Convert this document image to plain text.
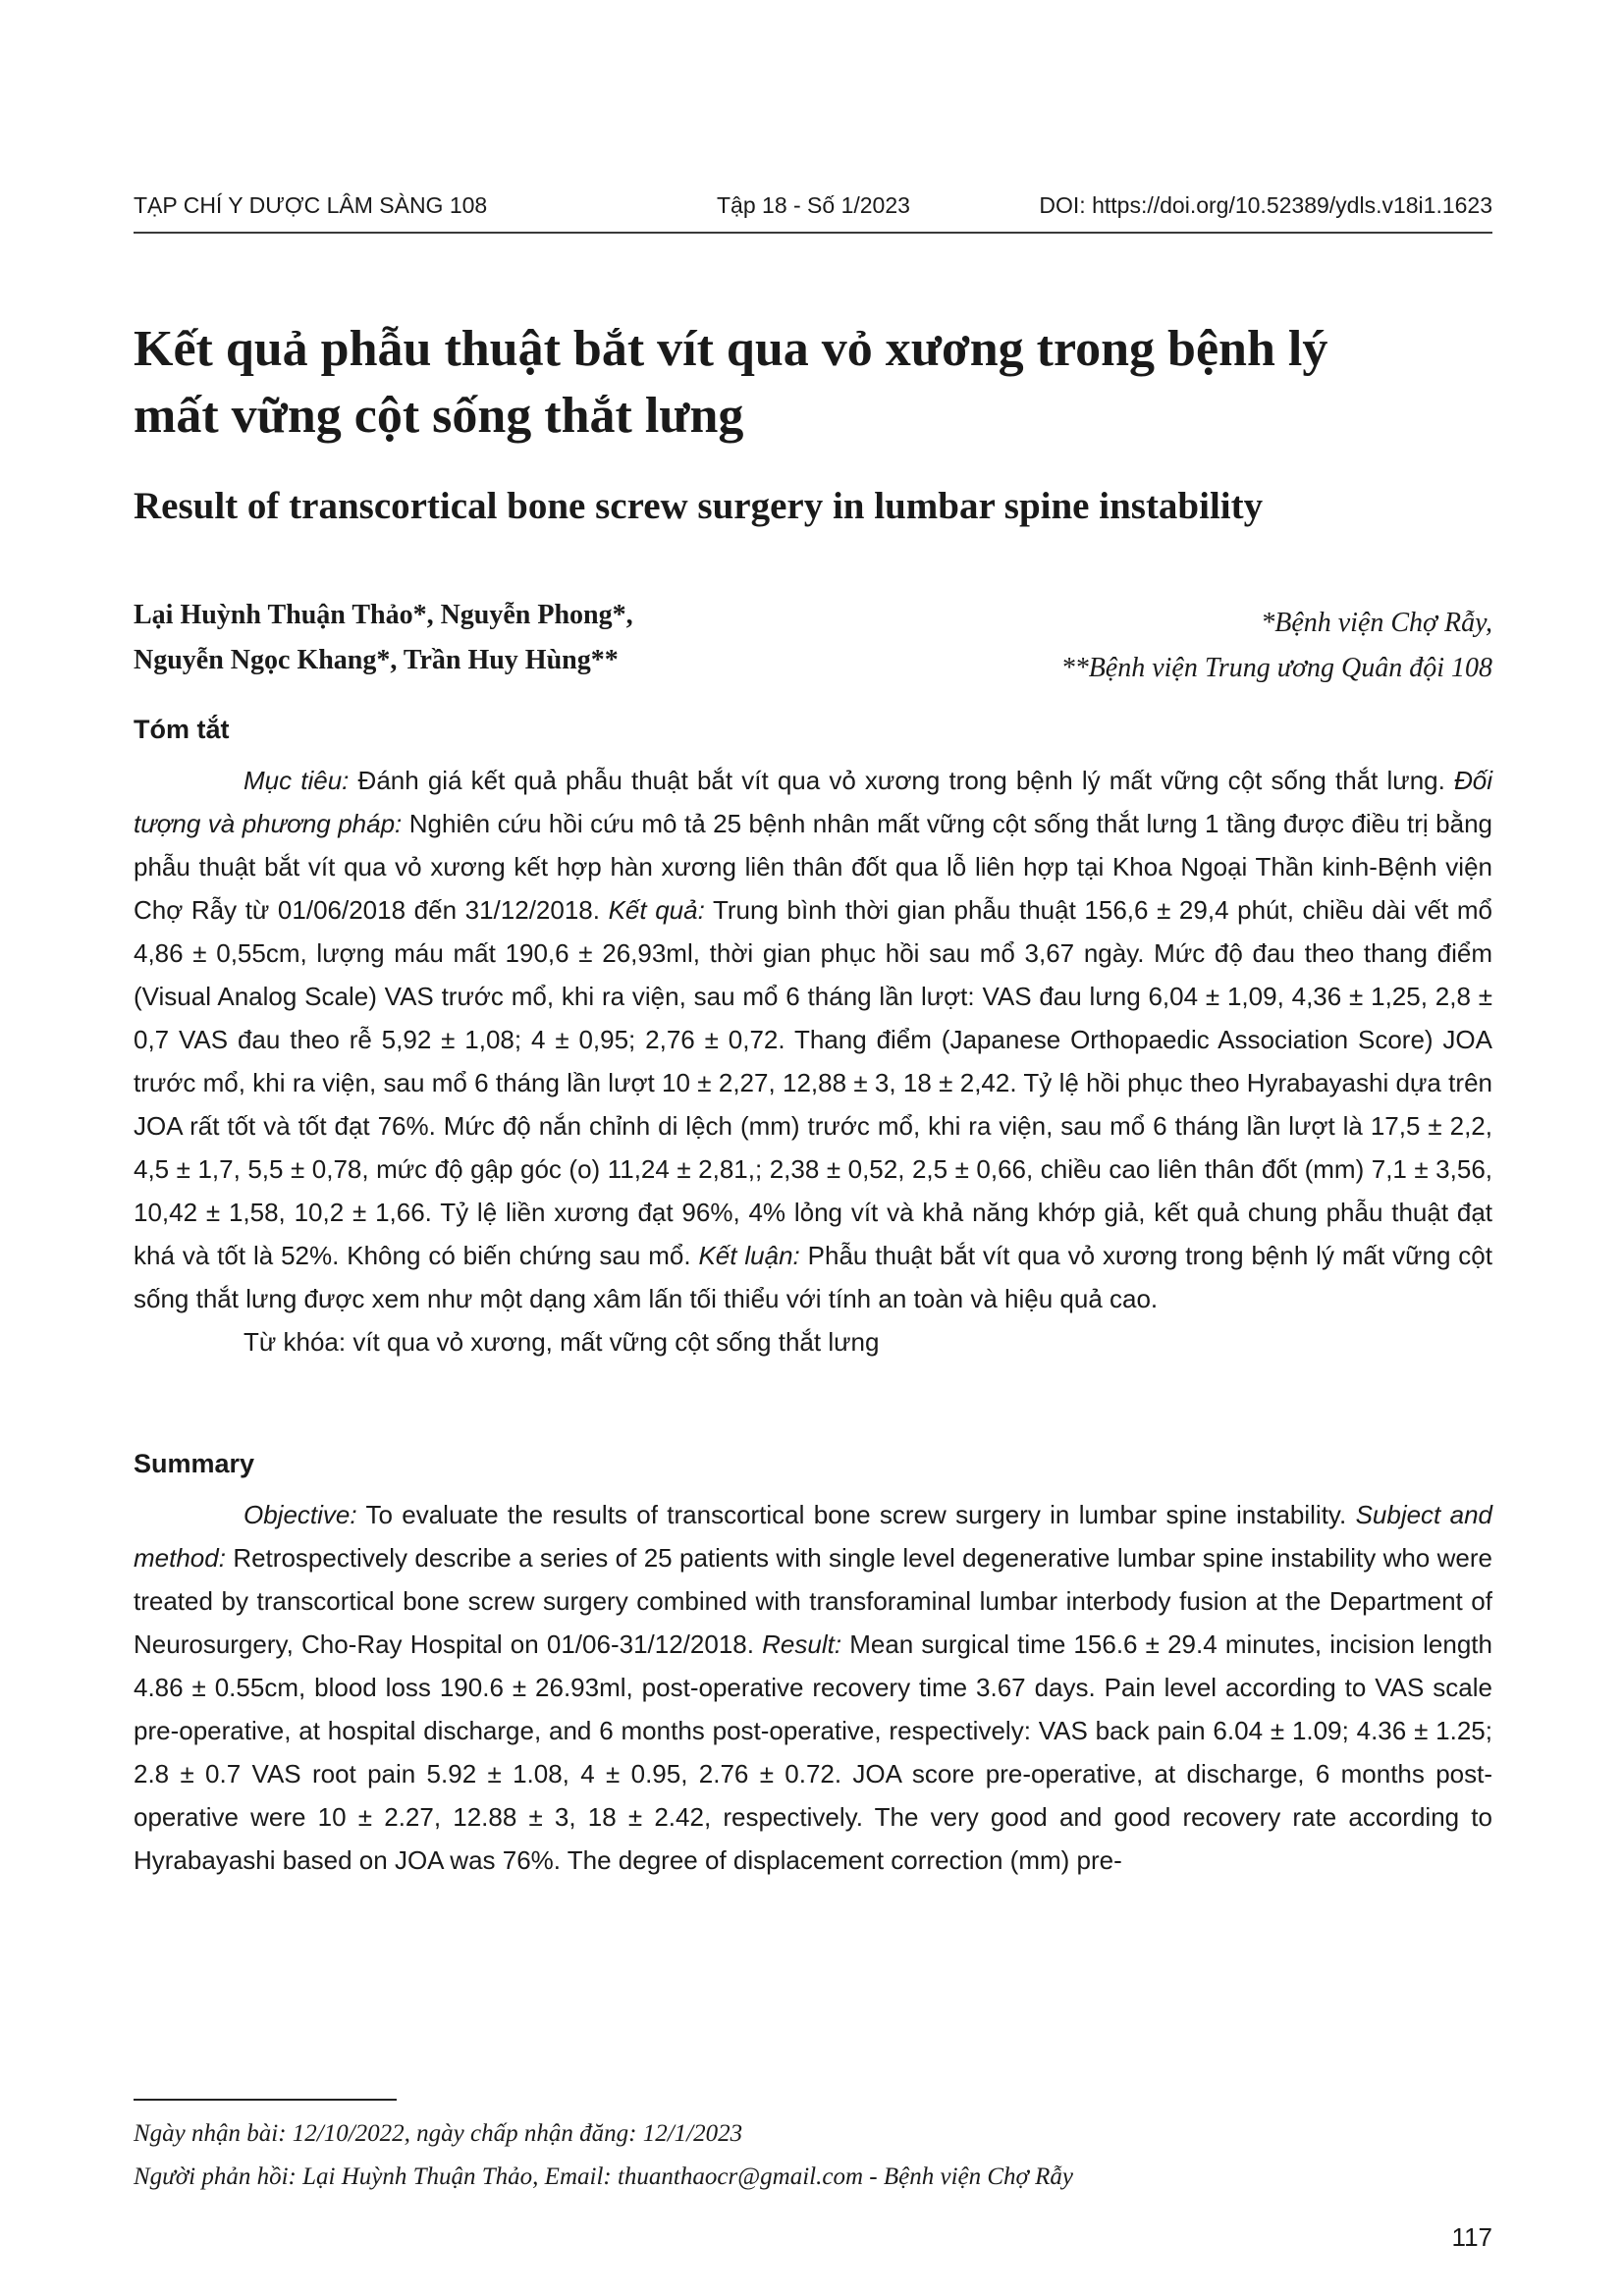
TẠP CHÍ Y DƯỢC LÂM SÀNG 108	Tập 18 - Số 1/2023	DOI: https://doi.org/10.52389/ydls.v18i1.1623
Kết quả phẫu thuật bắt vít qua vỏ xương trong bệnh lý
mất vững cột sống thắt lưng
Result of transcortical bone screw surgery in lumbar spine instability
Lại Huỳnh Thuận Thảo*, Nguyễn Phong*,
Nguyễn Ngọc Khang*, Trần Huy Hùng**
*Bệnh viện Chợ Rẫy,
**Bệnh viện Trung ương Quân đội 108
Tóm tắt

Mục tiêu: Đánh giá kết quả phẫu thuật bắt vít qua vỏ xương trong bệnh lý mất vững cột sống thắt lưng. Đối tượng và phương pháp: Nghiên cứu hồi cứu mô tả 25 bệnh nhân mất vững cột sống thắt lưng 1 tầng được điều trị bằng phẫu thuật bắt vít qua vỏ xương kết hợp hàn xương liên thân đốt qua lỗ liên hợp tại Khoa Ngoại Thần kinh-Bệnh viện Chợ Rẫy từ 01/06/2018 đến 31/12/2018. Kết quả: Trung bình thời gian phẫu thuật 156,6 ± 29,4 phút, chiều dài vết mổ 4,86 ± 0,55cm, lượng máu mất 190,6 ± 26,93ml, thời gian phục hồi sau mổ 3,67 ngày. Mức độ đau theo thang điểm (Visual Analog Scale) VAS trước mổ, khi ra viện, sau mổ 6 tháng lần lượt: VAS đau lưng 6,04 ± 1,09, 4,36 ± 1,25, 2,8 ± 0,7 VAS đau theo rễ 5,92 ± 1,08; 4 ± 0,95; 2,76 ± 0,72. Thang điểm (Japanese Orthopaedic Association Score) JOA trước mổ, khi ra viện, sau mổ 6 tháng lần lượt 10 ± 2,27, 12,88 ± 3, 18 ± 2,42. Tỷ lệ hồi phục theo Hyrabayashi dựa trên JOA rất tốt và tốt đạt 76%. Mức độ nắn chỉnh di lệch (mm) trước mổ, khi ra viện, sau mổ 6 tháng lần lượt là 17,5 ± 2,2, 4,5 ± 1,7, 5,5 ± 0,78, mức độ gập góc (o) 11,24 ± 2,81,; 2,38 ± 0,52, 2,5 ± 0,66, chiều cao liên thân đốt (mm) 7,1 ± 3,56, 10,42 ± 1,58, 10,2 ± 1,66. Tỷ lệ liền xương đạt 96%, 4% lỏng vít và khả năng khớp giả, kết quả chung phẫu thuật đạt khá và tốt là 52%. Không có biến chứng sau mổ. Kết luận: Phẫu thuật bắt vít qua vỏ xương trong bệnh lý mất vững cột sống thắt lưng được xem như một dạng xâm lấn tối thiểu với tính an toàn và hiệu quả cao.

Từ khóa: vít qua vỏ xương, mất vững cột sống thắt lưng

Summary

Objective: To evaluate the results of transcortical bone screw surgery in lumbar spine instability. Subject and method: Retrospectively describe a series of 25 patients with single level degenerative lumbar spine instability who were treated by transcortical bone screw surgery combined with transforaminal lumbar interbody fusion at the Department of Neurosurgery, Cho-Ray Hospital on 01/06-31/12/2018. Result: Mean surgical time 156.6 ± 29.4 minutes, incision length 4.86 ± 0.55cm, blood loss 190.6 ± 26.93ml, post-operative recovery time 3.67 days. Pain level according to VAS scale pre-operative, at hospital discharge, and 6 months post-operative, respectively: VAS back pain 6.04 ± 1.09; 4.36 ± 1.25; 2.8 ± 0.7 VAS root pain 5.92 ± 1.08, 4 ± 0.95, 2.76 ± 0.72. JOA score pre-operative, at discharge, 6 months post-operative were 10 ± 2.27, 12.88 ± 3, 18 ± 2.42, respectively. The very good and good recovery rate according to Hyrabayashi based on JOA was 76%. The degree of displacement correction (mm) pre-

Ngày nhận bài: 12/10/2022, ngày chấp nhận đăng: 12/1/2023
Người phản hồi: Lại Huỳnh Thuận Thảo, Email: thuanthaocr@gmail.com - Bệnh viện Chợ Rẫy
117
